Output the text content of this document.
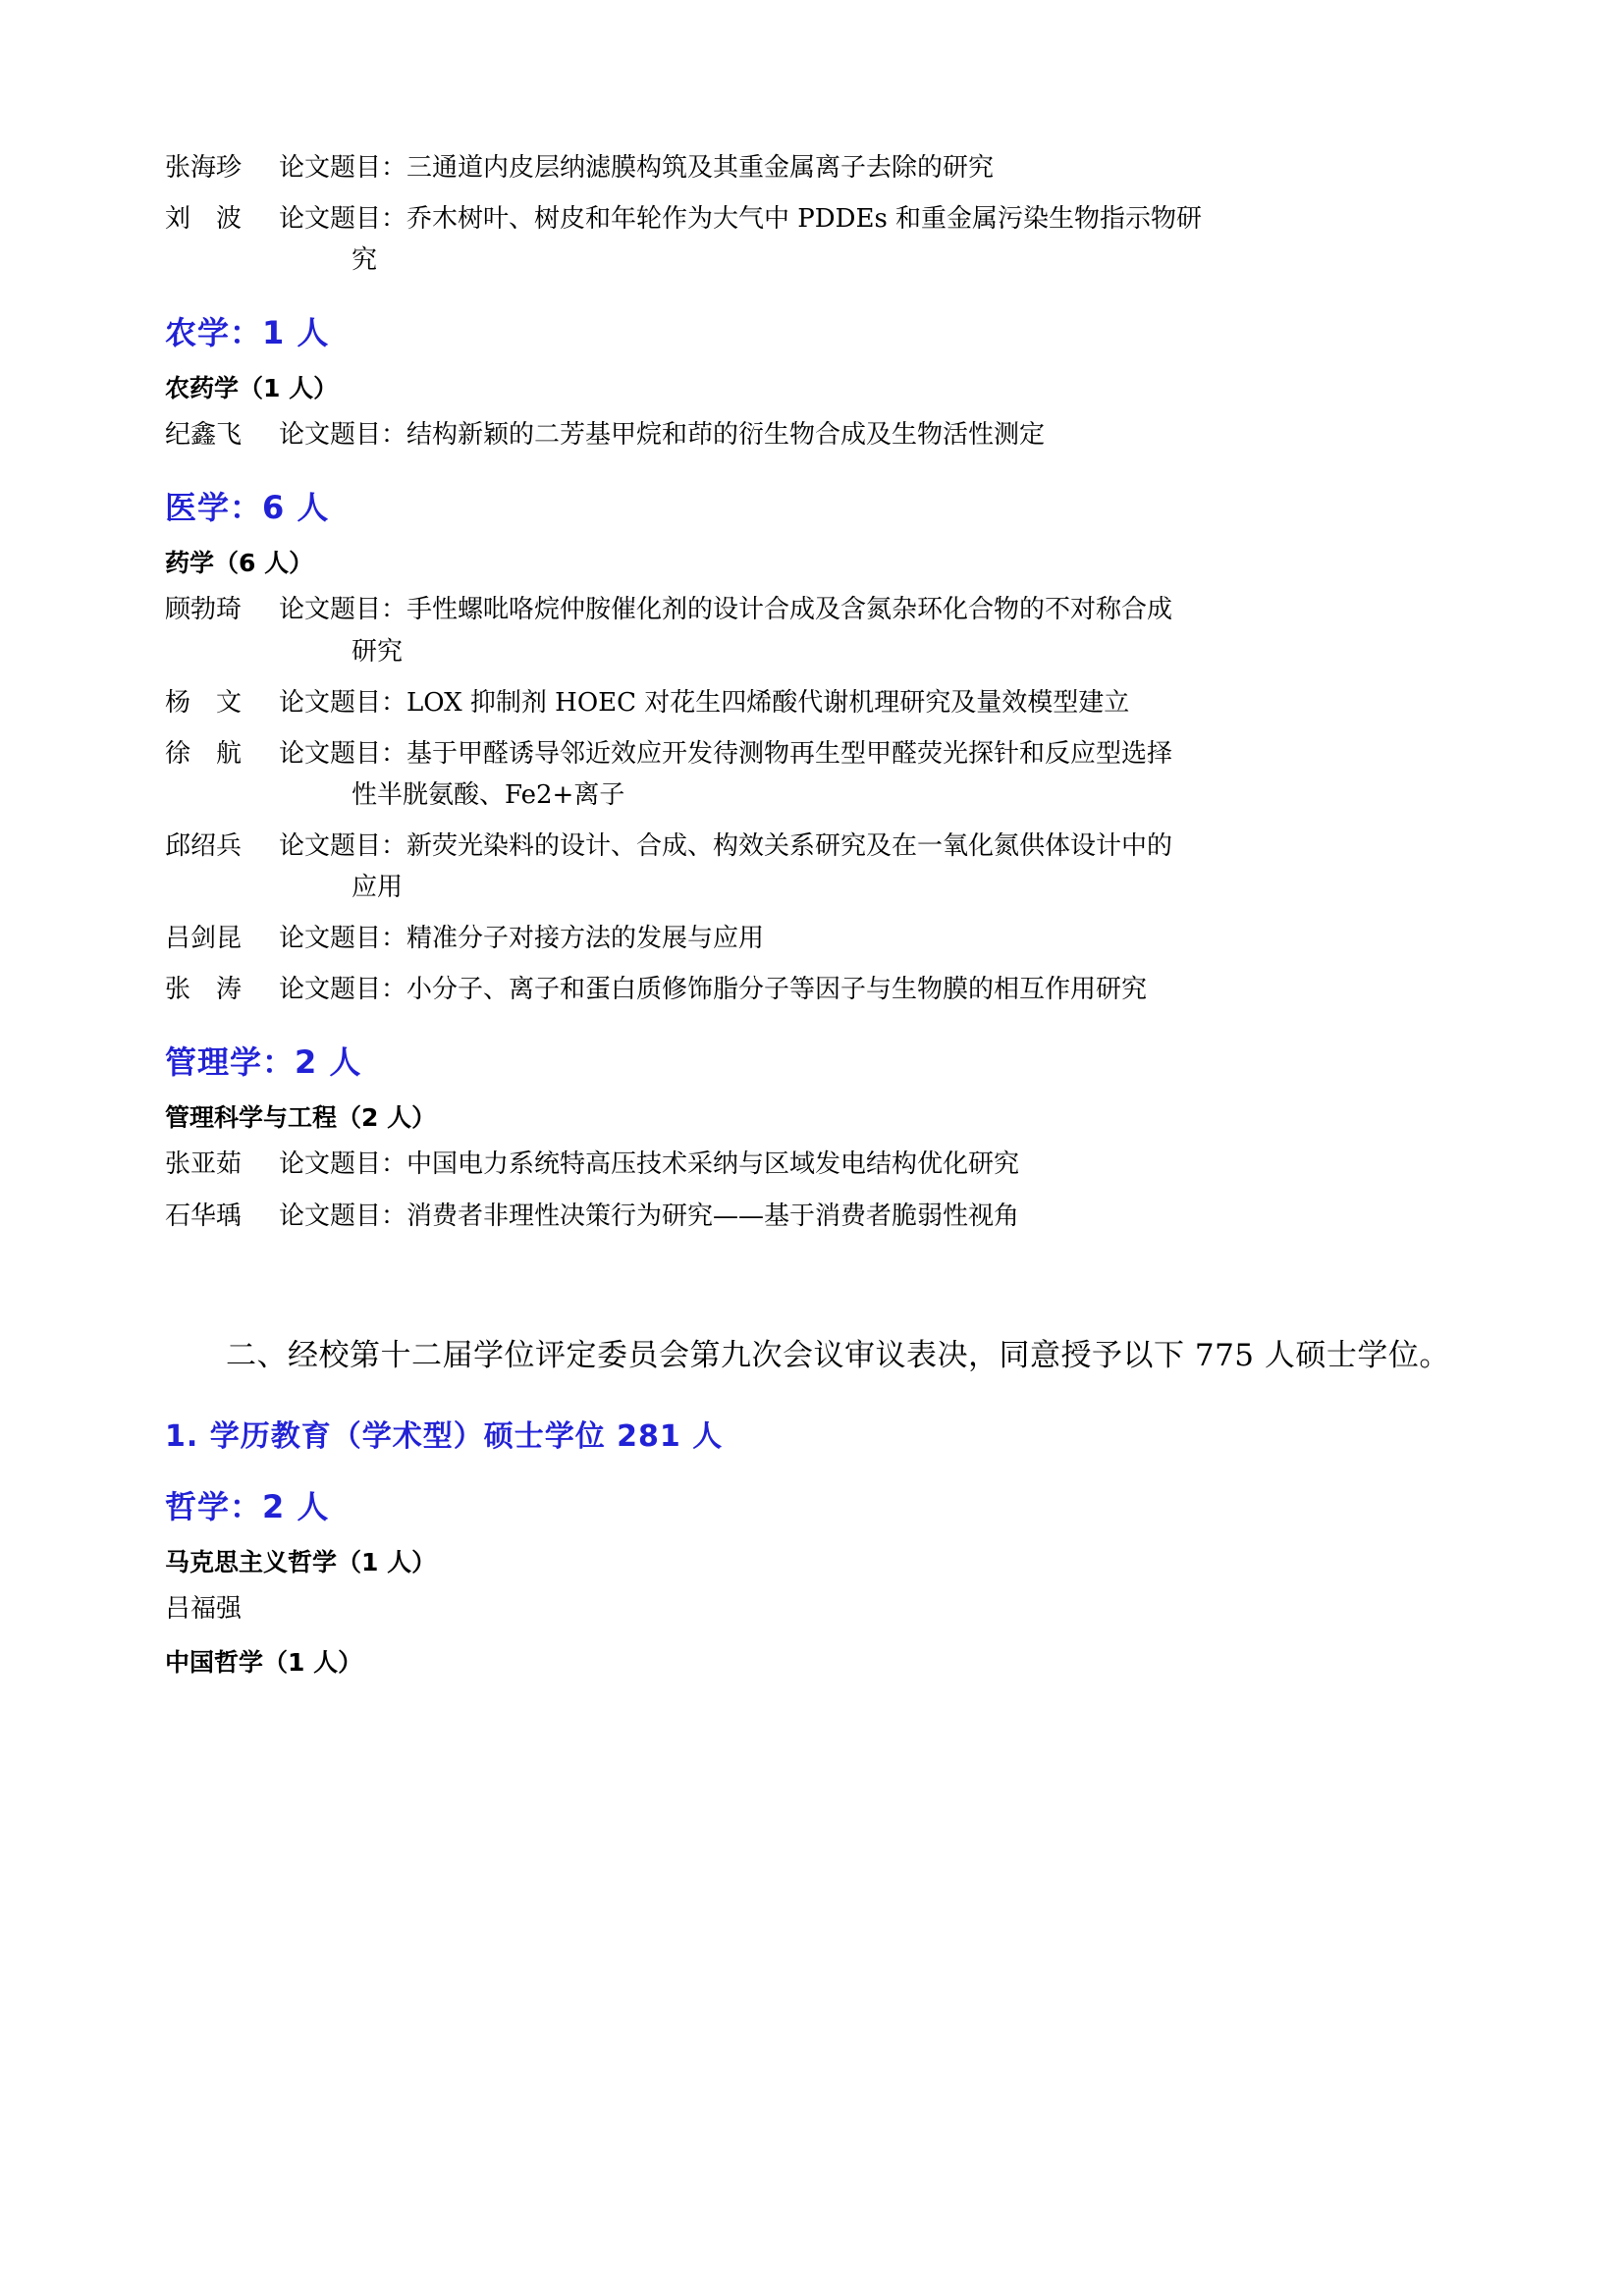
张海珍	论文题目：三通道内皮层纳滤膜构筑及其重金属离子去除的研究
刘　波	论文题目：乔木树叶、树皮和年轮作为大气中 PDDEs 和重金属污染生物指示物研
究
农学：1 人
农药学（1 人）
纪鑫飞	论文题目：结构新颖的二芳基甲烷和茚的衍生物合成及生物活性测定
医学：6 人
药学（6 人）
顾勃琦	论文题目：手性螺吡咯烷仲胺催化剂的设计合成及含氮杂环化合物的不对称合成
研究
杨　文	论文题目：LOX 抑制剂 HOEC 对花生四烯酸代谢机理研究及量效模型建立
徐　航	论文题目：基于甲醛诱导邻近效应开发待测物再生型甲醛荧光探针和反应型选择
性半胱氨酸、Fe2+离子
邱绍兵	论文题目：新荧光染料的设计、合成、构效关系研究及在一氧化氮供体设计中的
应用
吕剑昆	论文题目：精准分子对接方法的发展与应用
张　涛	论文题目：小分子、离子和蛋白质修饰脂分子等因子与生物膜的相互作用研究
管理学：2 人
管理科学与工程（2 人）
张亚茹	论文题目：中国电力系统特高压技术采纳与区域发电结构优化研究
石华瑀	论文题目：消费者非理性决策行为研究——基于消费者脆弱性视角

二、经校第十二届学位评定委员会第九次会议审议表决，同意授予以下 775 人硕士学位。

1. 学历教育（学术型）硕士学位 281 人
哲学：2 人
马克思主义哲学（1 人）
吕福强
中国哲学（1 人）
